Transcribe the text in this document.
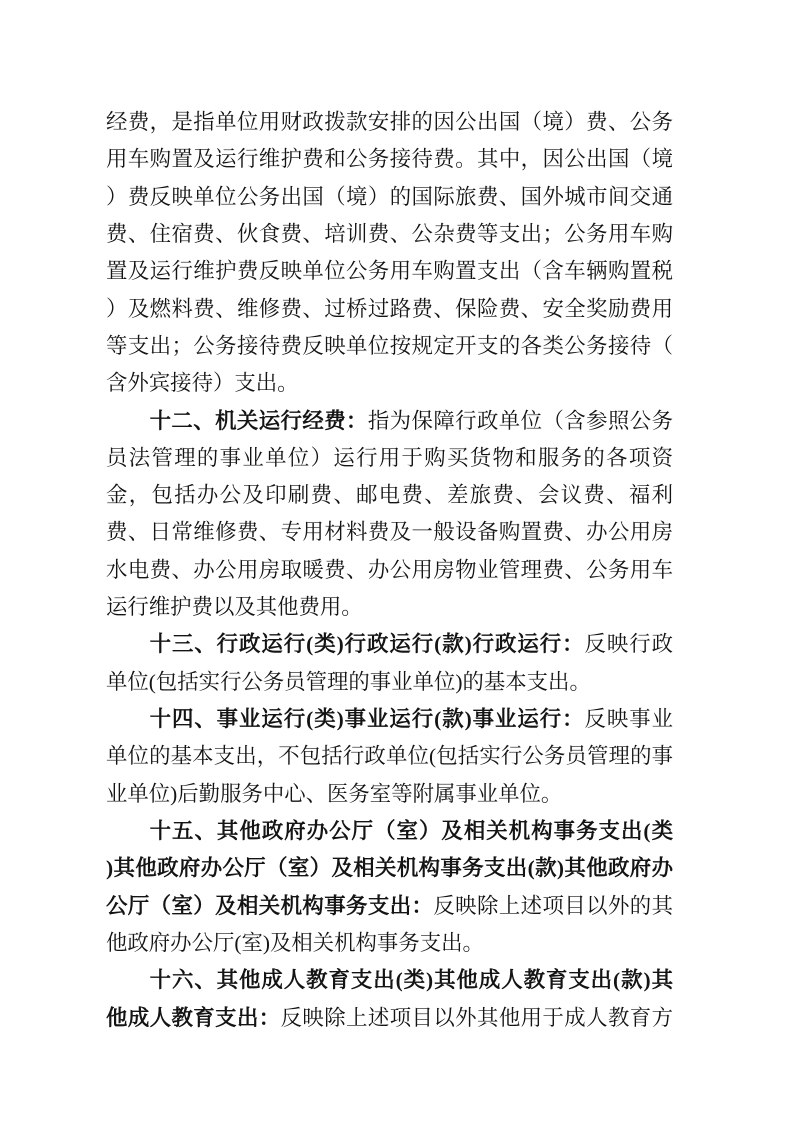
经费，是指单位用财政拨款安排的因公出国（境）费、公务
用车购置及运行维护费和公务接待费。其中，因公出国（境
）费反映单位公务出国（境）的国际旅费、国外城市间交通
费、住宿费、伙食费、培训费、公杂费等支出；公务用车购
置及运行维护费反映单位公务用车购置支出（含车辆购置税
）及燃料费、维修费、过桥过路费、保险费、安全奖励费用
等支出；公务接待费反映单位按规定开支的各类公务接待（
含外宾接待）支出。
十二、机关运行经费：指为保障行政单位（含参照公务
员法管理的事业单位）运行用于购买货物和服务的各项资
金，包括办公及印刷费、邮电费、差旅费、会议费、福利
费、日常维修费、专用材料费及一般设备购置费、办公用房
水电费、办公用房取暖费、办公用房物业管理费、公务用车
运行维护费以及其他费用。
十三、行政运行(类)行政运行(款)行政运行：反映行政
单位(包括实行公务员管理的事业单位)的基本支出。
十四、事业运行(类)事业运行(款)事业运行：反映事业
单位的基本支出，不包括行政单位(包括实行公务员管理的事
业单位)后勤服务中心、医务室等附属事业单位。
十五、其他政府办公厅（室）及相关机构事务支出(类
)其他政府办公厅（室）及相关机构事务支出(款)其他政府办
公厅（室）及相关机构事务支出：反映除上述项目以外的其
他政府办公厅(室)及相关机构事务支出。
十六、其他成人教育支出(类)其他成人教育支出(款)其
他成人教育支出：反映除上述项目以外其他用于成人教育方
